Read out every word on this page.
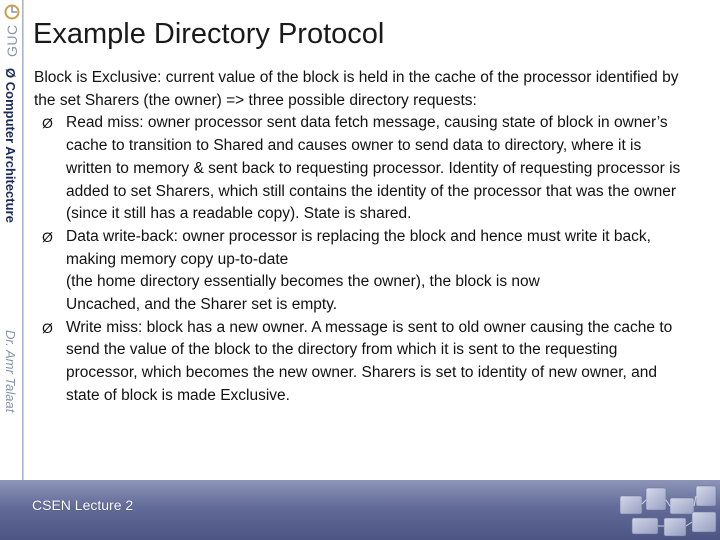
GUC
Ø Computer Architecture
Dr. Amr Talaat
Example Directory Protocol

Block is Exclusive: current value of the block is held in the cache of the processor identified by the set Sharers (the owner) => three possible directory requests:

Ø Read miss: owner processor sent data fetch message, causing state of block in owner’s cache to transition to Shared and causes owner to send data to directory, where it is written to memory & sent back to requesting processor. Identity of requesting processor is added to set Sharers, which still contains the identity of the processor that was the owner (since it still has a readable copy). State is shared.

Ø Data write-back: owner processor is replacing the block and hence must write it back, making memory copy up-to-date
(the home directory essentially becomes the owner), the block is now
Uncached, and the Sharer set is empty.

Ø Write miss: block has a new owner. A message is sent to old owner causing the cache to send the value of the block to the directory from which it is sent to the requesting processor, which becomes the new owner. Sharers is set to identity of new owner, and state of block is made Exclusive.

CSEN Lecture 2
